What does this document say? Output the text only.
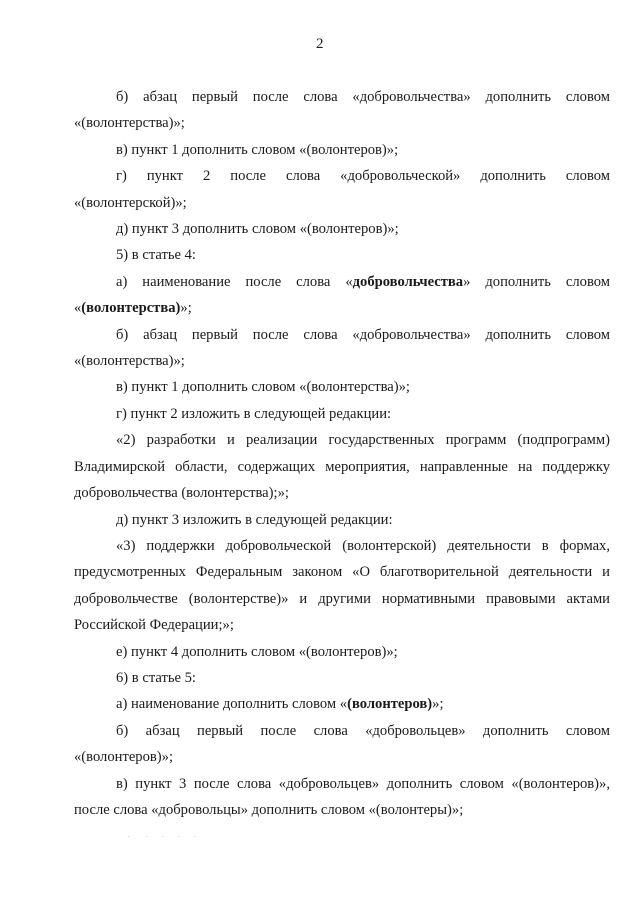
2

б) абзац первый после слова «добровольчества» дополнить словом «(волонтерства)»;

в) пункт 1 дополнить словом «(волонтеров)»;

г) пункт 2 после слова «добровольческой» дополнить словом «(волонтерской)»;

д) пункт 3 дополнить словом «(волонтеров)»;

5) в статье 4:

а) наименование после слова «добровольчества» дополнить словом «(волонтерства)»;

б) абзац первый после слова «добровольчества» дополнить словом «(волонтерства)»;

в) пункт 1 дополнить словом «(волонтерства)»;

г) пункт 2 изложить в следующей редакции:

«2) разработки и реализации государственных программ (подпрограмм) Владимирской области, содержащих мероприятия, направленные на поддержку добровольчества (волонтерства);»;

д) пункт 3 изложить в следующей редакции:

«3) поддержки добровольческой (волонтерской) деятельности в формах, предусмотренных Федеральным законом «О благотворительной деятельности и добровольчестве (волонтерстве)» и другими нормативными правовыми актами Российской Федерации;»;

е) пункт 4 дополнить словом «(волонтеров)»;

6) в статье 5:

а) наименование дополнить словом «(волонтеров)»;

б) абзац первый после слова «добровольцев» дополнить словом «(волонтеров)»;

в) пункт 3 после слова «добровольцев» дополнить словом «(волонтеров)», после слова «добровольцы» дополнить словом «(волонтеры)»;
